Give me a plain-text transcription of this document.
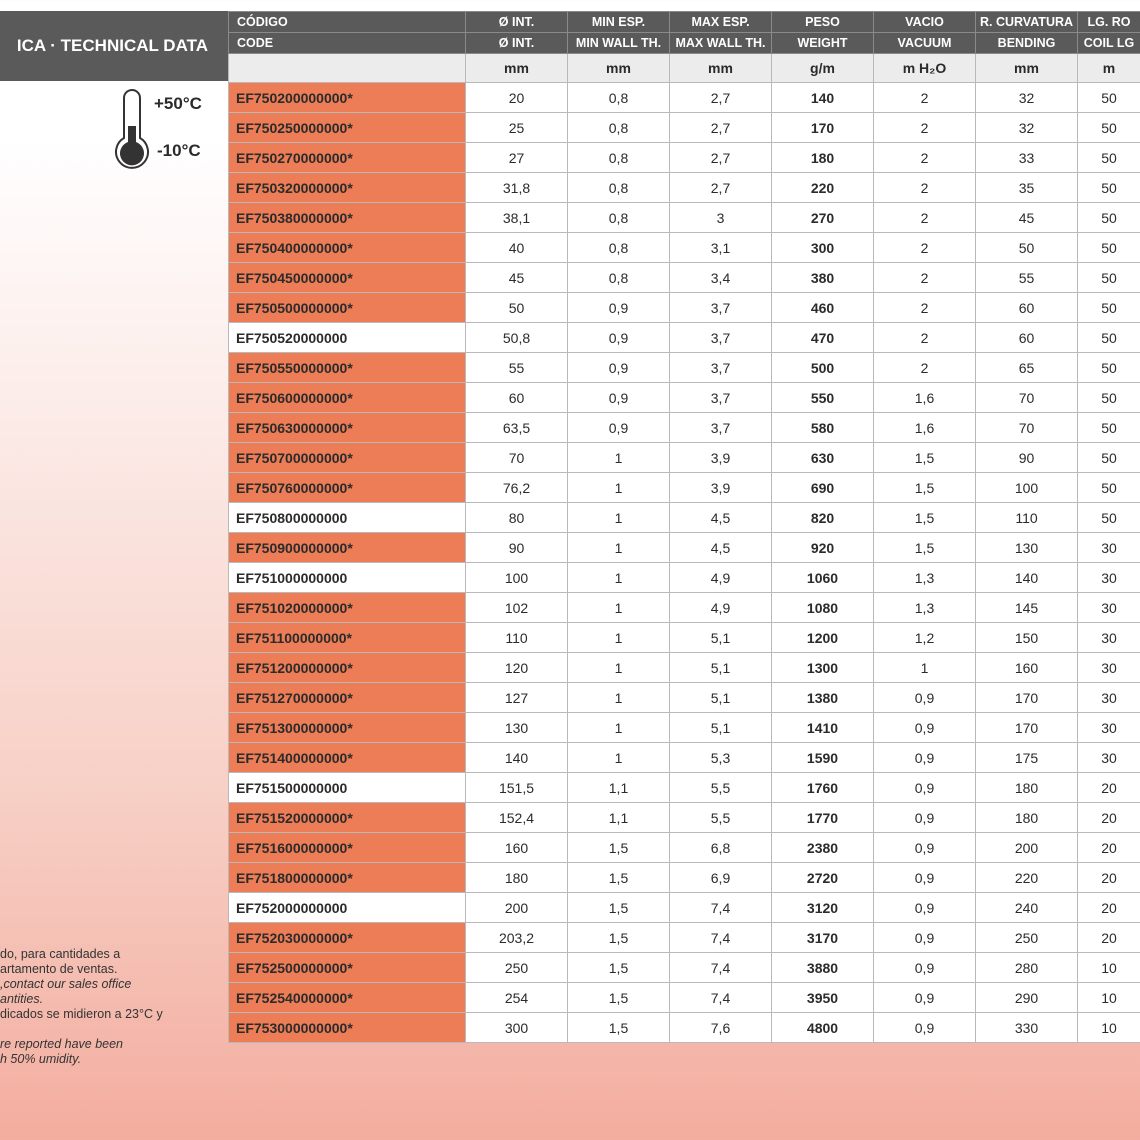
ICA · TECHNICAL DATA
+50°C
-10°C

do, para cantidades a

artamento de ventas.

,contact our sales office

antities.

dicados se midieron a 23°C y

re reported have been

h 50% umidity.

CÓDIGO	Ø INT.	MIN ESP.	MAX ESP.	PESO	VACIO	R. CURVATURA	LG. RO
CODE	Ø INT.	MIN WALL TH.	MAX WALL TH.	WEIGHT	VACUUM	BENDING	COIL LG
	mm	mm	mm	g/m	m H₂O	mm	m
EF750200000000*	20	0,8	2,7	140	2	32	50
EF750250000000*	25	0,8	2,7	170	2	32	50
EF750270000000*	27	0,8	2,7	180	2	33	50
EF750320000000*	31,8	0,8	2,7	220	2	35	50
EF750380000000*	38,1	0,8	3	270	2	45	50
EF750400000000*	40	0,8	3,1	300	2	50	50
EF750450000000*	45	0,8	3,4	380	2	55	50
EF750500000000*	50	0,9	3,7	460	2	60	50
EF750520000000	50,8	0,9	3,7	470	2	60	50
EF750550000000*	55	0,9	3,7	500	2	65	50
EF750600000000*	60	0,9	3,7	550	1,6	70	50
EF750630000000*	63,5	0,9	3,7	580	1,6	70	50
EF750700000000*	70	1	3,9	630	1,5	90	50
EF750760000000*	76,2	1	3,9	690	1,5	100	50
EF750800000000	80	1	4,5	820	1,5	110	50
EF750900000000*	90	1	4,5	920	1,5	130	30
EF751000000000	100	1	4,9	1060	1,3	140	30
EF751020000000*	102	1	4,9	1080	1,3	145	30
EF751100000000*	110	1	5,1	1200	1,2	150	30
EF751200000000*	120	1	5,1	1300	1	160	30
EF751270000000*	127	1	5,1	1380	0,9	170	30
EF751300000000*	130	1	5,1	1410	0,9	170	30
EF751400000000*	140	1	5,3	1590	0,9	175	30
EF751500000000	151,5	1,1	5,5	1760	0,9	180	20
EF751520000000*	152,4	1,1	5,5	1770	0,9	180	20
EF751600000000*	160	1,5	6,8	2380	0,9	200	20
EF751800000000*	180	1,5	6,9	2720	0,9	220	20
EF752000000000	200	1,5	7,4	3120	0,9	240	20
EF752030000000*	203,2	1,5	7,4	3170	0,9	250	20
EF752500000000*	250	1,5	7,4	3880	0,9	280	10
EF752540000000*	254	1,5	7,4	3950	0,9	290	10
EF753000000000*	300	1,5	7,6	4800	0,9	330	10
